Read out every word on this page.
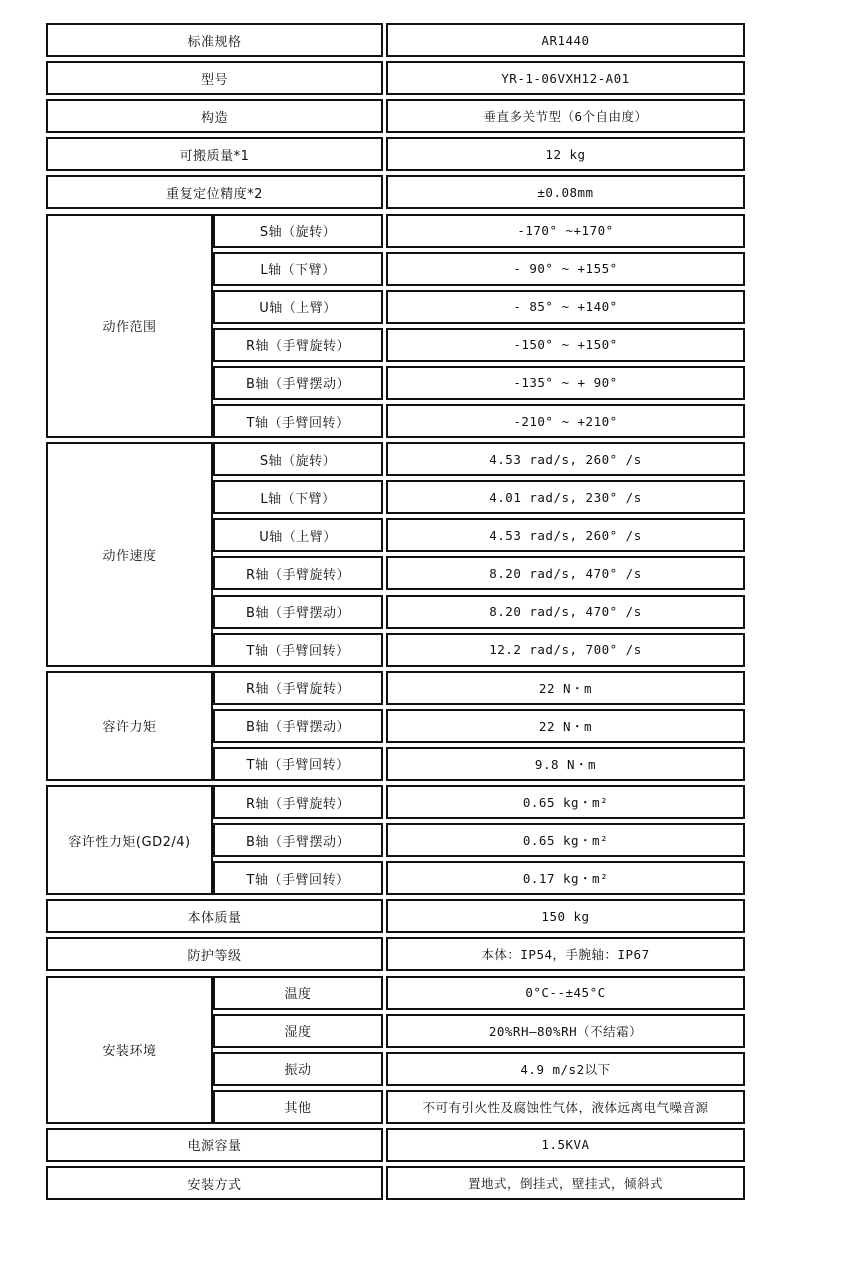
标准规格	AR1440
型号	YR-1-06VXH12-A01
构造	垂直多关节型（6个自由度）
可搬质量*1	12 kg
重复定位精度*2	±0.08mm
动作范围
S轴（旋转）	-170° ~+170°
L轴（下臂）	- 90° ~ +155°
U轴（上臂）	- 85° ~ +140°
R轴（手臂旋转）	-150° ~ +150°
B轴（手臂摆动）	-135° ~ + 90°
T轴（手臂回转）	-210° ~ +210°
动作速度
S轴（旋转）	4.53 rad/s, 260° /s
L轴（下臂）	4.01 rad/s, 230° /s
U轴（上臂）	4.53 rad/s, 260° /s
R轴（手臂旋转）	8.20 rad/s, 470° /s
B轴（手臂摆动）	8.20 rad/s, 470° /s
T轴（手臂回转）	12.2 rad/s, 700° /s
容许力矩
R轴（手臂旋转）	22 N・m
B轴（手臂摆动）	22 N・m
T轴（手臂回转）	9.8 N・m
容许性力矩(GD2/4)
R轴（手臂旋转）	0.65 kg・m²
B轴（手臂摆动）	0.65 kg・m²
T轴（手臂回转）	0.17 kg・m²
本体质量	150 kg
防护等级	本体：IP54，手腕轴：IP67
安装环境
温度	0°C--±45°C
湿度	20%RH—80%RH（不结霜）
振动	4.9 m/s2以下
其他	不可有引火性及腐蚀性气体，液体远离电气噪音源
电源容量	1.5KVA
安装方式	置地式，倒挂式，壁挂式，倾斜式
